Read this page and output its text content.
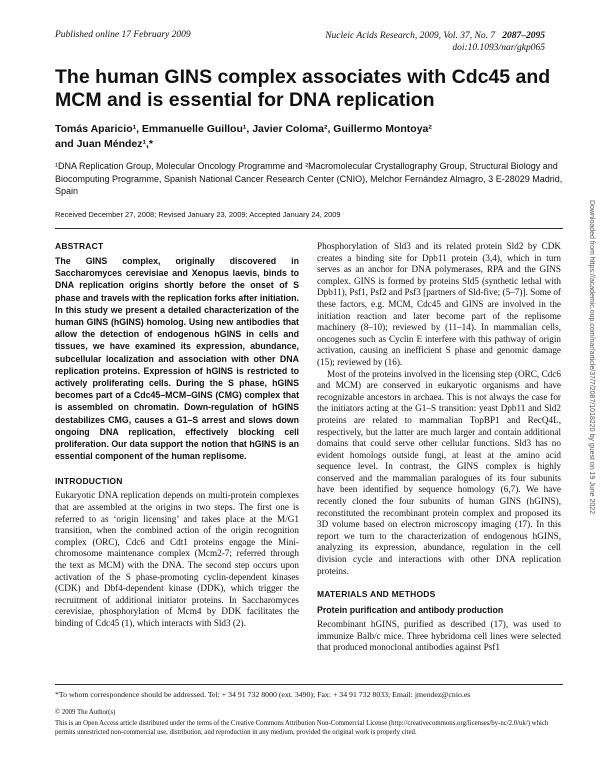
Published online 17 February 2009	Nucleic Acids Research, 2009, Vol. 37, No. 7 2087–2095
doi:10.1093/nar/gkp065
The human GINS complex associates with Cdc45 and MCM and is essential for DNA replication
Tomás Aparicio¹, Emmanuelle Guillou¹, Javier Coloma², Guillermo Montoya²
and Juan Méndez¹,*
¹DNA Replication Group, Molecular Oncology Programme and ²Macromolecular Crystallography Group, Structural Biology and Biocomputing Programme, Spanish National Cancer Research Center (CNIO), Melchor Fernández Almagro, 3 E-28029 Madrid, Spain
Received December 27, 2008; Revised January 23, 2009; Accepted January 24, 2009	Downloaded from https://academic.oup.com/nar/article/37/7/2087/1018220 by guest on 19 June 2022
ABSTRACT
The GINS complex, originally discovered in Saccharomyces cerevisiae and Xenopus laevis, binds to DNA replication origins shortly before the onset of S phase and travels with the replication forks after initiation. In this study we present a detailed characterization of the human GINS (hGINS) homolog. Using new antibodies that allow the detection of endogenous hGINS in cells and tissues, we have examined its expression, abundance, subcellular localization and association with other DNA replication proteins. Expression of hGINS is restricted to actively proliferating cells. During the S phase, hGINS becomes part of a Cdc45–MCM–GINS (CMG) complex that is assembled on chromatin. Down-regulation of hGINS destabilizes CMG, causes a G1–S arrest and slows down ongoing DNA replication, effectively blocking cell proliferation. Our data support the notion that hGINS is an essential component of the human replisome.
INTRODUCTION
Eukaryotic DNA replication depends on multi-protein complexes that are assembled at the origins in two steps. The first one is referred to as ‘origin licensing’ and takes place at the M/G1 transition, when the combined action of the origin recognition complex (ORC), Cdc6 and Cdt1 proteins engage the Mini-chromosome maintenance complex (Mcm2-7; referred through the text as MCM) with the DNA. The second step occurs upon activation of the S phase-promoting cyclin-dependent kinases (CDK) and Dbf4-dependent kinase (DDK), which trigger the recruitment of additional initiator proteins. In Saccharomyces cerevisiae, phosphorylation of Mcm4 by DDK facilitates the binding of Cdc45 (1), which interacts with Sld3 (2).
Phosphorylation of Sld3 and its related protein Sld2 by CDK creates a binding site for Dpb11 protein (3,4), which in turn serves as an anchor for DNA polymerases, RPA and the GINS complex. GINS is formed by proteins Sld5 (synthetic lethal with Dpb11), Psf1, Psf2 and Psf3 [partners of Sld-five; (5–7)]. Some of these factors, e.g. MCM, Cdc45 and GINS are involved in the initiation reaction and later become part of the replisome machinery (8–10); reviewed by (11–14). In mammalian cells, oncogenes such as Cyclin E interfere with this pathway of origin activation, causing an inefficient S phase and genomic damage (15); reviewed by (16).
Most of the proteins involved in the licensing step (ORC, Cdc6 and MCM) are conserved in eukaryotic organisms and have recognizable ancestors in archaea. This is not always the case for the initiators acting at the G1–S transition: yeast Dpb11 and Sld2 proteins are related to mammalian TopBP1 and RecQ4L, respectively, but the latter are much larger and contain additional domains that could serve other cellular functions. Sld3 has no evident homologs outside fungi, at least at the amino acid sequence level. In contrast, the GINS complex is highly conserved and the mammalian paralogues of its four subunits have been identified by sequence homology (6,7). We have recently cloned the four subunits of human GINS (hGINS), reconstituted the recombinant protein complex and proposed its 3D volume based on electron microscopy imaging (17). In this report we turn to the characterization of endogenous hGINS, analyzing its expression, abundance, regulation in the cell division cycle and interactions with other DNA replication proteins.
MATERIALS AND METHODS
Protein purification and antibody production
Recombinant hGINS, purified as described (17), was used to immunize Balb/c mice. Three hybridoma cell lines were selected that produced monoclonal antibodies against Psf1
*To whom correspondence should be addressed. Tel: + 34 91 732 8000 (ext. 3490); Fax: + 34 91 732 8033; Email: jmendez@cnio.es
© 2009 The Author(s)
This is an Open Access article distributed under the terms of the Creative Commons Attribution Non-Commercial License (http://creativecommons.org/licenses/by-nc/2.0/uk/) which permits unrestricted non-commercial use, distribution, and reproduction in any medium, provided the original work is properly cited.
